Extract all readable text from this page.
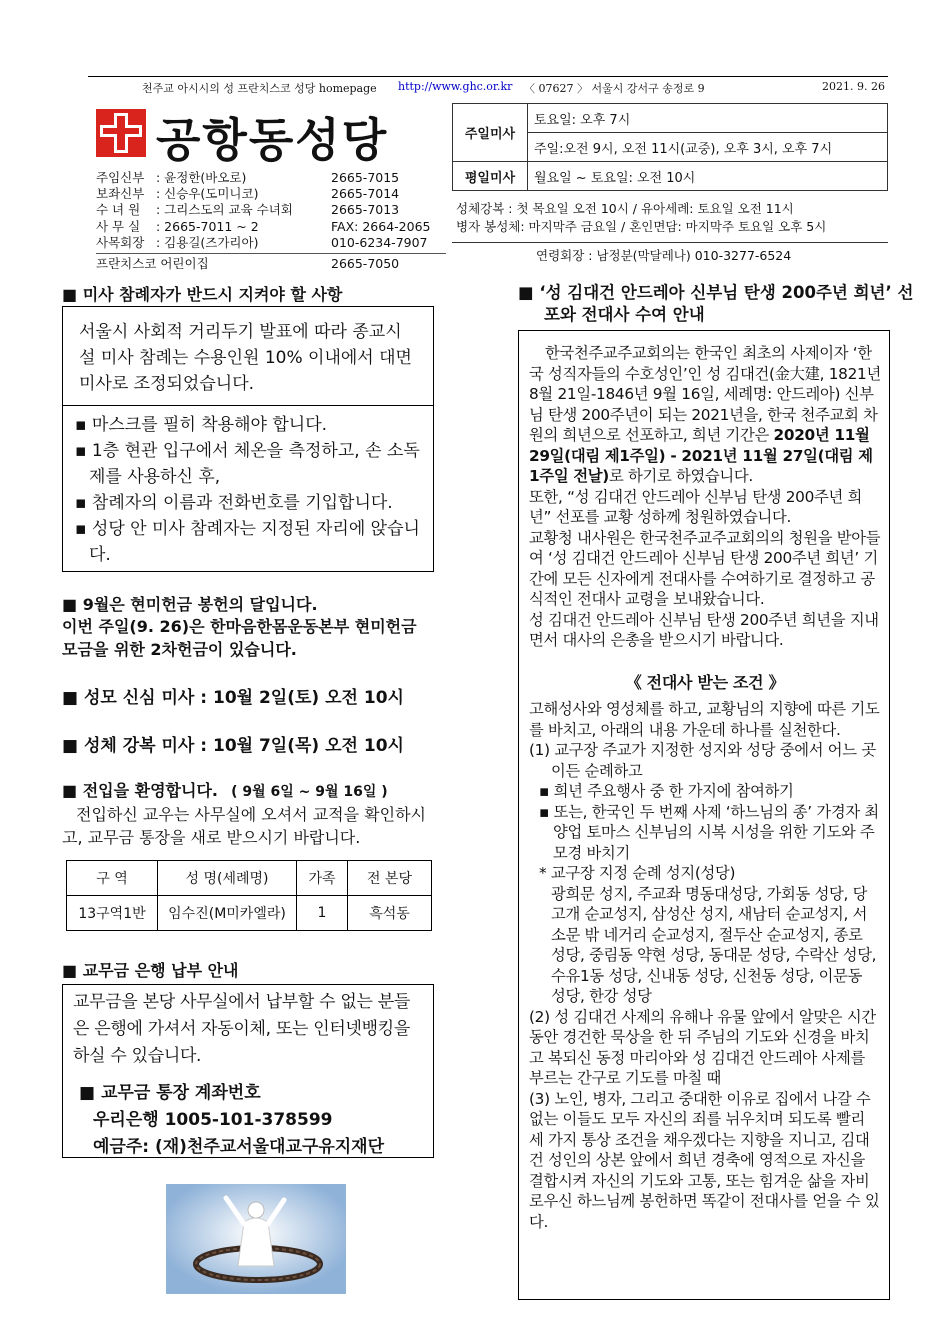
천주교 아시시의 성 프란치스코 성당 homepage http://www.ghc.or.kr 〈 07627 〉 서울시 강서구 송정로 9	2021. 9. 26
공항동성당
주임신부 : 윤정한(바오로)	2665-7015
보좌신부 : 신승우(도미니코)	2665-7014
수 녀 원	: 그리스도의 교육 수녀회	2665-7013
사 무 실	: 2665-7011 ~ 2	FAX: 2664-2065
사목회장 : 김용길(즈가리아)	010-6234-7907
프란치스코 어린이집	2665-7050
주일미사	토요일: 오후 7시
	주일:오전 9시, 오전 11시(교중), 오후 3시, 오후 7시
평일미사	월요일 ~ 토요일: 오전 10시
성체강복 : 첫 목요일 오전 10시 / 유아세례: 토요일 오전 11시
병자 봉성체: 마지막주 금요일 / 혼인면담: 마지막주 토요일 오후 5시
연령회장 : 남정분(막달레나) 010-3277-6524
■ 미사 참례자가 반드시 지켜야 할 사항
서울시 사회적 거리두기 발표에 따라 종교시설 미사 참례는 수용인원 10% 이내에서 대면 미사로 조정되었습니다.
▪ 마스크를 필히 착용해야 합니다.
▪ 1층 현관 입구에서 체온을 측정하고, 손 소독제를 사용하신 후,
▪ 참례자의 이름과 전화번호를 기입합니다.
▪ 성당 안 미사 참례자는 지정된 자리에 앉습니다.
■ 9월은 현미헌금 봉헌의 달입니다.
이번 주일(9. 26)은 한마음한몸운동본부 현미헌금 모금을 위한 2차헌금이 있습니다.
■ 성모 신심 미사 : 10월 2일(토) 오전 10시
■ 성체 강복 미사 : 10월 7일(목) 오전 10시
■ 전입을 환영합니다. ( 9월 6일 ~ 9월 16일 )
전입하신 교우는 사무실에 오셔서 교적을 확인하시고, 교무금 통장을 새로 받으시기 바랍니다.
구 역	성 명(세례명)	가족	전 본당
13구역1반	임수진(M미카엘라)	1	흑석동
■ 교무금 은행 납부 안내
교무금을 본당 사무실에서 납부할 수 없는 분들은 은행에 가셔서 자동이체, 또는 인터넷뱅킹을 하실 수 있습니다.
■ 교무금 통장 계좌번호
우리은행 1005-101-378599
예금주: (재)천주교서울대교구유지재단
■ ‘성 김대건 안드레아 신부님 탄생 200주년 희년’ 선포와 전대사 수여 안내
한국천주교주교회의는 한국인 최초의 사제이자 ‘한국 성직자들의 수호성인’인 성 김대건(金大建, 1821년 8월 21일-1846년 9월 16일, 세례명: 안드레아) 신부님 탄생 200주년이 되는 2021년을, 한국 천주교회 차원의 희년으로 선포하고, 희년 기간은 2020년 11월 29일(대림 제1주일) - 2021년 11월 27일(대림 제1주일 전날)로 하기로 하였습니다.
또한, “성 김대건 안드레아 신부님 탄생 200주년 희년” 선포를 교황 성하께 청원하였습니다.
교황청 내사원은 한국천주교주교회의의 청원을 받아들여 ‘성 김대건 안드레아 신부님 탄생 200주년 희년’ 기간에 모든 신자에게 전대사를 수여하기로 결정하고 공식적인 전대사 교령을 보내왔습니다.
성 김대건 안드레아 신부님 탄생 200주년 희년을 지내면서 대사의 은총을 받으시기 바랍니다.
《 전대사 받는 조건 》
고해성사와 영성체를 하고, 교황님의 지향에 따른 기도를 바치고, 아래의 내용 가운데 하나를 실천한다.
(1) 교구장 주교가 지정한 성지와 성당 중에서 어느 곳이든 순례하고
▪ 희년 주요행사 중 한 가지에 참여하기
▪ 또는, 한국인 두 번째 사제 ‘하느님의 종’ 가경자 최양업 토마스 신부님의 시복 시성을 위한 기도와 주모경 바치기
* 교구장 지정 순례 성지(성당)
광희문 성지, 주교좌 명동대성당, 가회동 성당, 당고개 순교성지, 삼성산 성지, 새남터 순교성지, 서소문 밖 네거리 순교성지, 절두산 순교성지, 종로 성당, 중림동 약현 성당, 동대문 성당, 수락산 성당, 수유1동 성당, 신내동 성당, 신천동 성당, 이문동 성당, 한강 성당
(2) 성 김대건 사제의 유해나 유물 앞에서 알맞은 시간 동안 경건한 묵상을 한 뒤 주님의 기도와 신경을 바치고 복되신 동정 마리아와 성 김대건 안드레아 사제를 부르는 간구로 기도를 마칠 때
(3) 노인, 병자, 그리고 중대한 이유로 집에서 나갈 수 없는 이들도 모두 자신의 죄를 뉘우치며 되도록 빨리 세 가지 통상 조건을 채우겠다는 지향을 지니고, 김대건 성인의 상본 앞에서 희년 경축에 영적으로 자신을 결합시켜 자신의 기도와 고통, 또는 힘겨운 삶을 자비로우신 하느님께 봉헌하면 똑같이 전대사를 얻을 수 있다.
